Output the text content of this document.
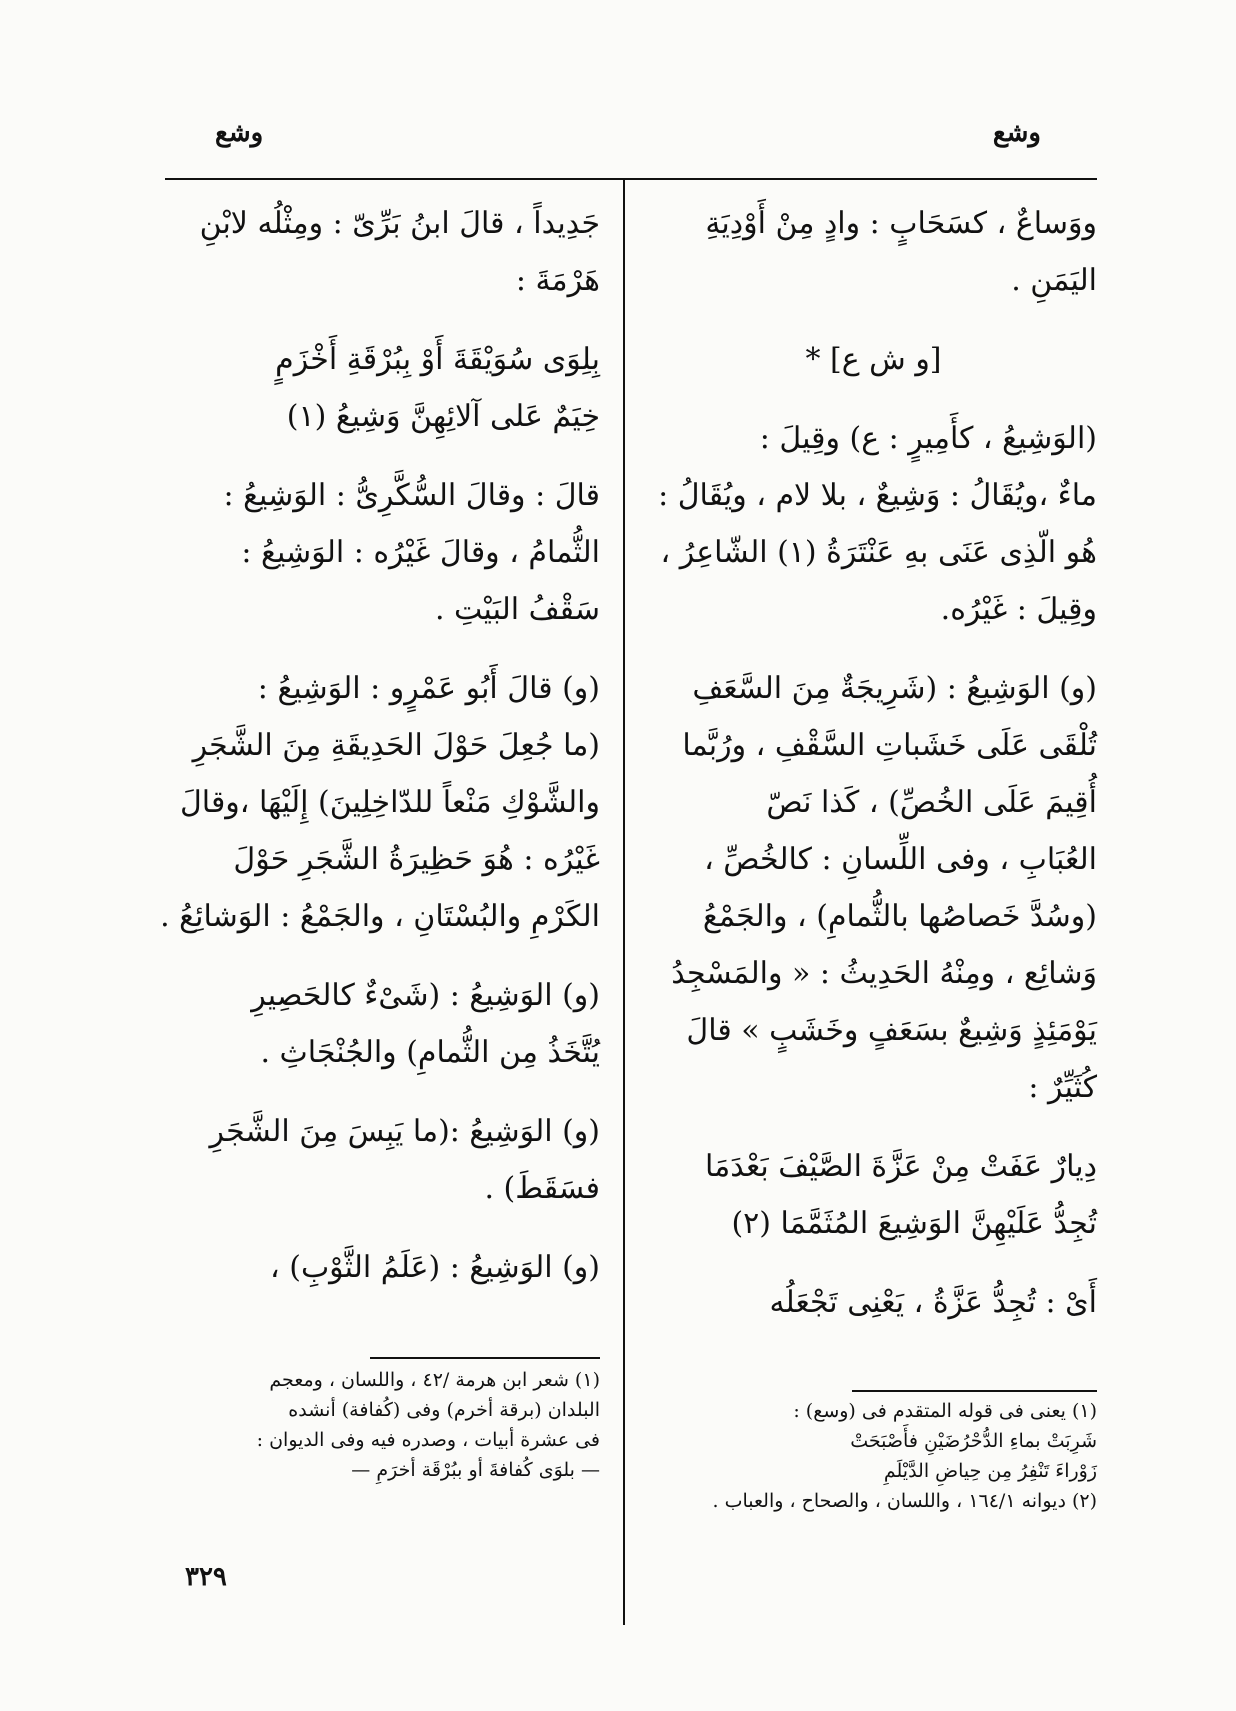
وشع
وشع
ووَساعٌ ، كسَحَابٍ : وادٍ مِنْ أَوْدِيَةِ
اليَمَنِ .
[و ش ع] *
(الوَشِيعُ ، كأَمِيرٍ : ع) وقِيلَ :
ماءٌ ،ويُقَالُ : وَشِيعٌ ، بلا لام ، ويُقَالُ :
هُو الّذِى عَنَى بهِ عَنْتَرَةُ (١) الشّاعِرُ ،
وقِيلَ : غَيْرُه.
(و) الوَشِيعُ : (شَرِيجَةٌ مِنَ السَّعَفِ
تُلْقَى عَلَى خَشَباتِ السَّقْفِ ، ورُبَّما
أُقِيمَ عَلَى الخُصِّ) ، كَذا نَصّ
العُبَابِ ، وفى اللِّسانِ : كالخُصِّ ،
(وسُدَّ خَصاصُها بالثُّمامِ) ، والجَمْعُ
وَشائِع ، ومِنْهُ الحَدِيثُ : « والمَسْجِدُ
يَوْمَئِذٍ وَشِيعٌ بسَعَفٍ وخَشَبٍ » قالَ
كُثَيِّرٌ :
دِيارٌ عَفَتْ مِنْ عَزَّةَ الصَّيْفَ بَعْدَمَا
تُجِدُّ عَلَيْهِنَّ الوَشِيعَ المُثَمَّمَا (٢)
أَىْ : تُجِدُّ عَزَّةُ ، يَعْنِى تَجْعَلُه
جَدِيداً ، قالَ ابنُ بَرِّىّ : ومِثْلُه لابْنِ
هَرْمَةَ :
بِلِوَى سُوَيْقَةَ أَوْ بِبُرْقَةِ أَخْزَمٍ
خِيَمٌ عَلى آلائِهِنَّ وَشِيعُ (١)
قالَ : وقالَ السُّكَّرِىُّ : الوَشِيعُ :
الثُّمامُ ، وقالَ غَيْرُه : الوَشِيعُ :
سَقْفُ البَيْتِ .
(و) قالَ أَبُو عَمْرٍو : الوَشِيعُ :
(ما جُعِلَ حَوْلَ الحَدِيقَةِ مِنَ الشَّجَرِ
والشَّوْكِ مَنْعاً للدّاخِلِينَ) إِلَيْهَا ،وقالَ
غَيْرُه : هُوَ حَظِيرَةُ الشَّجَرِ حَوْلَ
الكَرْمِ والبُسْتَانِ ، والجَمْعُ : الوَشائِعُ .
(و) الوَشِيعُ : (شَىْءٌ كالحَصِيرِ
يُتَّخَذُ مِن الثُّمامِ) والجُنْجَاثِ .
(و) الوَشِيعُ :(ما يَبِسَ مِنَ الشَّجَرِ
فسَقَطَ) .
(و) الوَشِيعُ : (عَلَمُ الثَّوْبِ) ،
(١) يعنى فى قوله المتقدم فى (وسع) :
شَرِبَتْ بماءِ الدُّحْرُضَيْنِ فأَصْبَحَتْ
زَوْراءَ تَنْفِرُ مِن حِياضِ الدَّيْلَمِ
(٢) ديوانه ١٦٤/١ ، واللسان ، والصحاح ، والعباب .
(١) شعر ابن هرمة /٤٢ ، واللسان ، ومعجم
البلدان (برقة أخرم) وفى (كُفافة) أنشده
فى عشرة أبيات ، وصدره فيه وفى الديوان :
— بلوَى كُفافةَ أو ببُرْقَة أخرَمِ —
٣٢٩
